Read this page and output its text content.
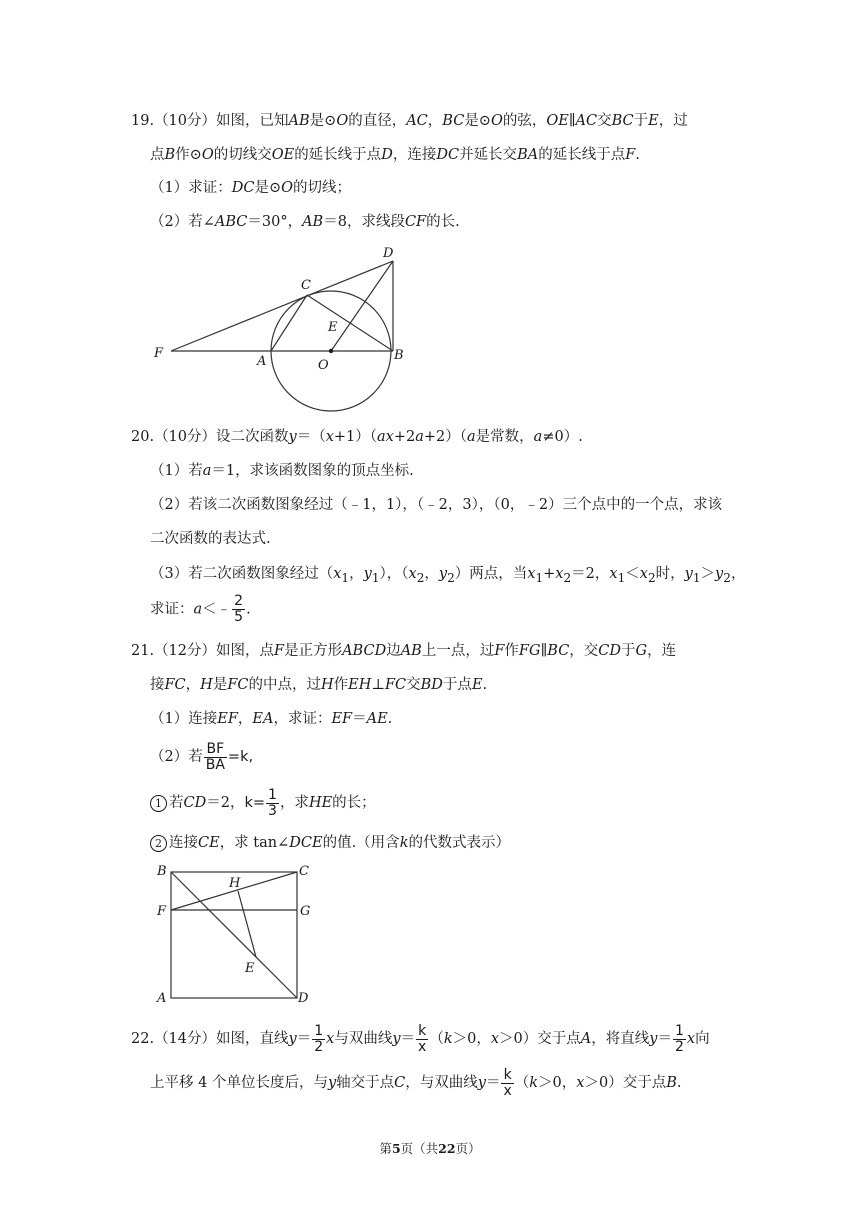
19.（10分）如图，已知AB是⊙O的直径，AC，BC是⊙O的弦，OE∥AC交BC于E，过
点B作⊙O的切线交OE的延长线于点D，连接DC并延长交BA的延长线于点F.
（1）求证：DC是⊙O的切线；
（2）若∠ABC＝30°，AB＝8，求线段CF的长.
D
C
E
F
A	O
B
20.（10分）设二次函数y＝（x+1）（ax+2a+2）（a是常数，a≠0）.
（1）若a＝1，求该函数图象的顶点坐标.
（2）若该二次函数图象经过（﹣1，1），（﹣2，3），（0，﹣2）三个点中的一个点，求该
二次函数的表达式.
（3）若二次函数图象经过（$x_1$，$y_1$），（$x_2$，$y_2$）两点，当$x_1+x_2=2$，$x_1<x_2$时，$y_1>y_2$，
求证：a＜﹣ $\frac{2}{5}$ .
21.（12分）如图，点F是正方形ABCD边AB上一点，过F作FG∥BC，交CD于G，连
接FC，H是FC的中点，过H作EH⊥FC交BD于点E.
（1）连接EF，EA，求证：EF＝AE.
（2）若 $\frac{BF}{BA} =k$,
1 若CD＝2，$k= \frac{1}{3}$ ，求HE的长；
2 连接CE，求 tan∠DCE的值.（用含k的代数式表示）
B	C
H
F	G
E
A	D
22.（14分）如图，直线$y= \frac{1}{2}$ x与双曲线$y= \frac{k}{x} (k>0$，x＞0）交于点A，将直线$y= \frac{1}{2}$ x向
上平移 4 个单位长度后，与y轴交于点C，与双曲线$y= \frac{k}{x} (k>0$，x＞0）交于点B.
第5页（共22页）
